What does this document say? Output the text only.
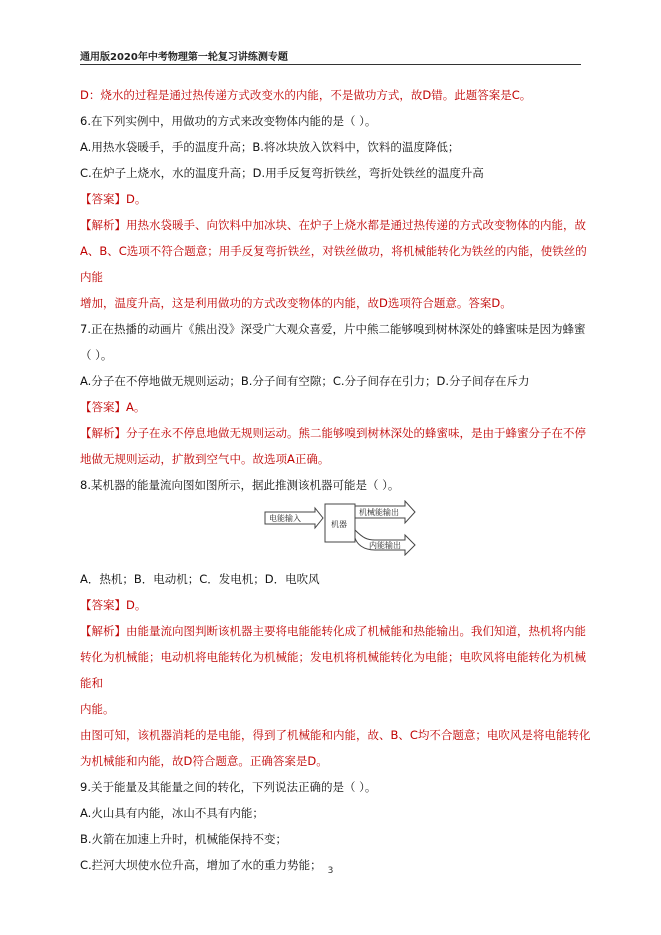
通用版2020年中考物理第一轮复习讲练测专题

D：烧水的过程是通过热传递方式改变水的内能，不是做功方式，故D错。此题答案是C。

6.在下列实例中，用做功的方式来改变物体内能的是（ ）。

A.用热水袋暖手，手的温度升高；B.将冰块放入饮料中，饮料的温度降低；

C.在炉子上烧水，水的温度升高；D.用手反复弯折铁丝，弯折处铁丝的温度升高

【答案】D。

【解析】用热水袋暖手、向饮料中加冰块、在炉子上烧水都是通过热传递的方式改变物体的内能，故

A、B、C选项不符合题意；用手反复弯折铁丝，对铁丝做功，将机械能转化为铁丝的内能，使铁丝的内能

增加，温度升高，这是利用做功的方式改变物体的内能，故D选项符合题意。答案D。

7.正在热播的动画片《熊出没》深受广大观众喜爱，片中熊二能够嗅到树林深处的蜂蜜味是因为蜂蜜

（ ）。

A.分子在不停地做无规则运动；B.分子间有空隙；C.分子间存在引力；D.分子间存在斥力

【答案】A。

【解析】分子在永不停息地做无规则运动。熊二能够嗅到树林深处的蜂蜜味，是由于蜂蜜分子在不停

地做无规则运动，扩散到空气中。故选项A正确。

8.某机器的能量流向图如图所示，据此推测该机器可能是（ ）。

电能输入
机器
机械能输出
内能输出

A．热机；B．电动机；C．发电机；D．电吹风

【答案】D。

【解析】由能量流向图判断该机器主要将电能能转化成了机械能和热能输出。我们知道，热机将内能

转化为机械能；电动机将电能转化为机械能；发电机将机械能转化为电能；电吹风将电能转化为机械能和

内能。

由图可知，该机器消耗的是电能，得到了机械能和内能，故、B、C均不合题意；电吹风是将电能转化

为机械能和内能，故D符合题意。正确答案是D。

9.关于能量及其能量之间的转化，下列说法正确的是（ ）。

A.火山具有内能，冰山不具有内能；

B.火箭在加速上升时，机械能保持不变；

C.拦河大坝使水位升高，增加了水的重力势能； 3
